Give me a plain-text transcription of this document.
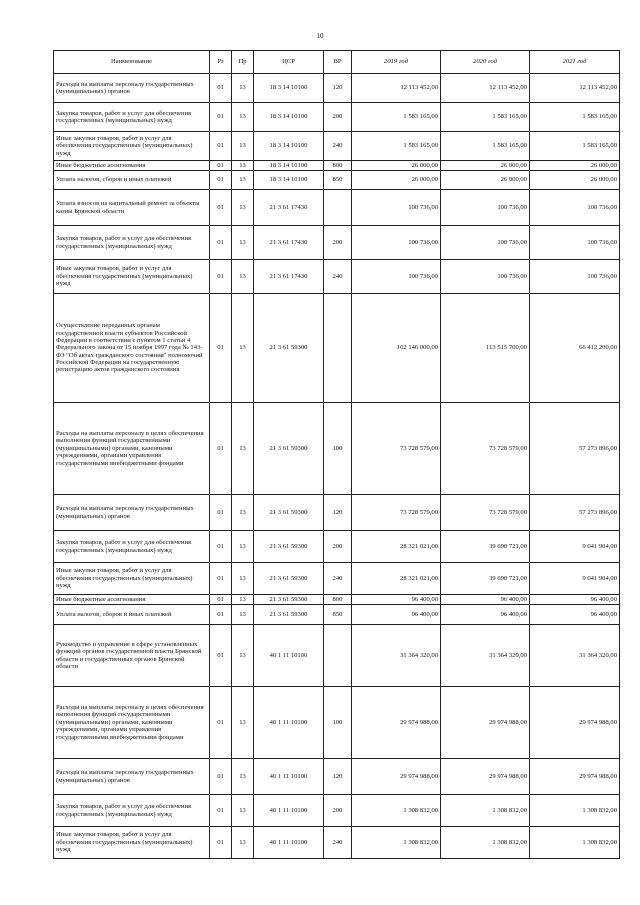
10
Наименование	Рз	Пр	ЦСР	ВР	2019 год	2020 год	2021 год
Расходы на выплаты персоналу государственных (муниципальных) органов	01	13	18 3 14 10100	120	12 113 452,00	12 113 452,00	12 113 452,00
Закупка товаров, работ и услуг для обеспечения государственных (муниципальных) нужд	01	13	18 3 14 10100	200	1 583 165,00	1 583 165,00	1 583 165,00
Иные закупки товаров, работ и услуг для обеспечения государственных (муниципальных) нужд	01	13	18 3 14 10100	240	1 583 165,00	1 583 165,00	1 583 165,00
Иные бюджетные ассигнования	01	13	18 3 14 10100	800	26 000,00	26 000,00	26 000,00
Уплата налогов, сборов и иных платежей	01	13	18 3 14 10100	850	26 000,00	26 000,00	26 000,00
Уплата взносов на капитальный ремонт за объекты казны Брянской области	01	13	21 3 61 17430		100 736,00	100 736,00	100 736,00
Закупка товаров, работ и услуг для обеспечения государственных (муниципальных) нужд	01	13	21 3 61 17430	200	100 736,00	100 736,00	100 736,00
Иные закупки товаров, работ и услуг для обеспечения государственных (муниципальных) нужд	01	13	21 3 61 17430	240	100 736,00	100 736,00	100 736,00
Осуществление переданных органам государственной власти субъектов Российской Федерации в соответствии с пунктом 1 статьи 4 Федерального закона от 15 ноября 1997 года № 143-ФЗ "Об актах гражданского состояния" полномочий Российской Федерации на государственную регистрацию актов гражданского состояния	01	13	21 3 61 59300		102 146 000,00	113 515 700,00	66 412 200,00
Расходы на выплаты персоналу в целях обеспечения выполнения функций государственными (муниципальными) органами, казенными учреждениями, органами управления государственными внебюджетными фондами	01	13	21 3 61 59300	100	73 728 579,00	73 728 579,00	57 273 896,00
Расходы на выплаты персоналу государственных (муниципальных) органов	01	13	21 3 61 59300	120	73 728 579,00	73 728 579,00	57 273 896,00
Закупка товаров, работ и услуг для обеспечения государственных (муниципальных) нужд	01	13	21 3 61 59300	200	28 321 021,00	39 690 721,00	9 041 904,00
Иные закупки товаров, работ и услуг для обеспечения государственных (муниципальных) нужд	01	13	21 3 61 59300	240	28 321 021,00	39 690 721,00	9 041 904,00
Иные бюджетные ассигнования	01	13	21 3 61 59300	800	96 400,00	96 400,00	96 400,00
Уплата налогов, сборов и иных платежей	01	13	21 3 61 59300	850	96 400,00	96 400,00	96 400,00
Руководство и управление в сфере установленных функций органов государственной власти Брянской области и государственных органов Брянской области	01	13	40 1 11 10100		31 364 320,00	31 364 320,00	31 364 320,00
Расходы на выплаты персоналу в целях обеспечения выполнения функций государственными (муниципальными) органами, казенными учреждениями, органами управления государственными внебюджетными фондами	01	13	40 1 11 10100	100	29 974 988,00	29 974 988,00	29 974 988,00
Расходы на выплаты персоналу государственных (муниципальных) органов	01	13	40 1 11 10100	120	29 974 988,00	29 974 988,00	29 974 988,00
Закупка товаров, работ и услуг для обеспечения государственных (муниципальных) нужд	01	13	40 1 11 10100	200	1 308 832,00	1 308 832,00	1 308 832,00
Иные закупки товаров, работ и услуг для обеспечения государственных (муниципальных) нужд	01	13	40 1 11 10100	240	1 308 832,00	1 308 832,00	1 308 832,00
